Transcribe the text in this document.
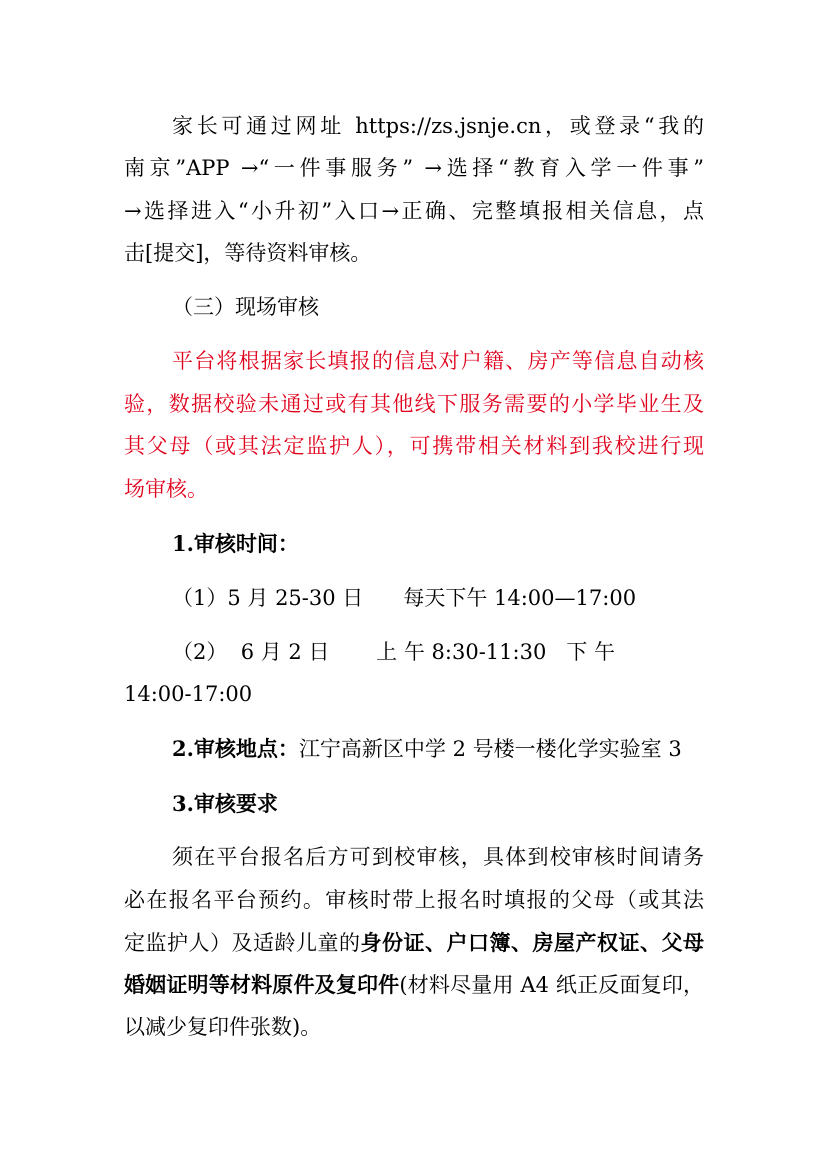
家长可通过网址 https://zs.jsnje.cn，或登录“我的
南京”APP →“一件事服务” →选择“教育入学一件事”
→选择进入“小升初”入口→正确、完整填报相关信息，点
击[提交]，等待资料审核。
（三）现场审核
平台将根据家长填报的信息对户籍、房产等信息自动核
验，数据校验未通过或有其他线下服务需要的小学毕业生及
其父母（或其法定监护人），可携带相关材料到我校进行现
场审核。
1.审核时间：
（1）5 月 25-30 日      每天下午 14:00—17:00
（2）  6 月 2 日       上 午 8:30-11:30   下 午
14:00-17:00
2.审核地点：江宁高新区中学 2 号楼一楼化学实验室 3
3.审核要求
须在平台报名后方可到校审核，具体到校审核时间请务
必在报名平台预约。审核时带上报名时填报的父母（或其法
定监护人）及适龄儿童的身份证、户口簿、房屋产权证、父母
婚姻证明等材料原件及复印件(材料尽量用 A4 纸正反面复印，
以减少复印件张数)。
